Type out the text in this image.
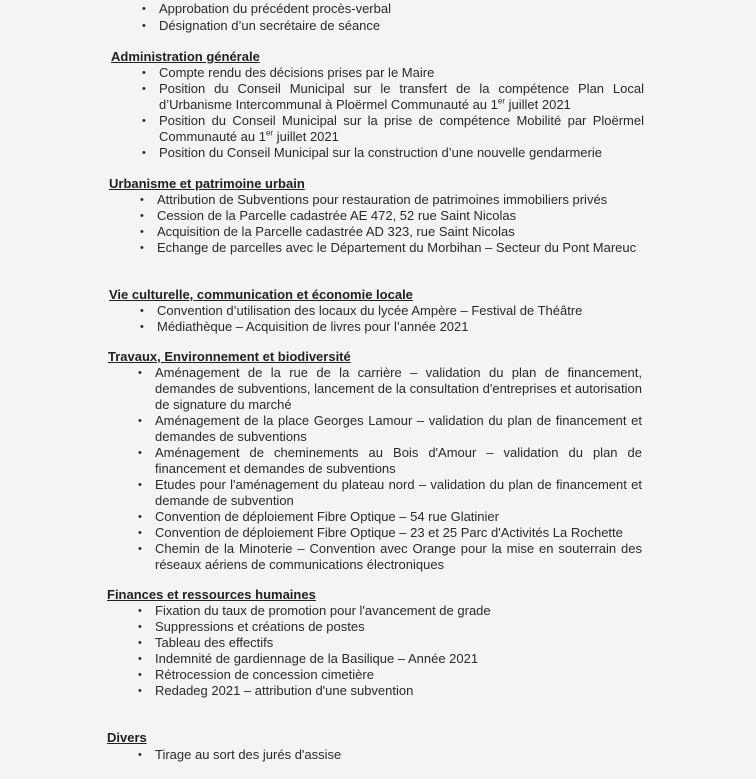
•	Approbation du précédent procès-verbal
•	Désignation d’un secrétaire de séance
Administration générale
•	Compte rendu des décisions prises par le Maire
•	Position du Conseil Municipal sur le transfert de la compétence Plan Local d’Urbanisme Intercommunal à Ploërmel Communauté au 1er juillet 2021
•	Position du Conseil Municipal sur la prise de compétence Mobilité par Ploërmel Communauté au 1er juillet 2021
•	Position du Conseil Municipal sur la construction d’une nouvelle gendarmerie
Urbanisme et patrimoine urbain
•	Attribution de Subventions pour restauration de patrimoines immobiliers privés
•	Cession de la Parcelle cadastrée AE 472, 52 rue Saint Nicolas
•	Acquisition de la Parcelle cadastrée AD 323, rue Saint Nicolas
•	Echange de parcelles avec le Département du Morbihan – Secteur du Pont Mareuc
Vie culturelle, communication et économie locale
•	Convention d’utilisation des locaux du lycée Ampère – Festival de Théâtre
•	Médiathèque – Acquisition de livres pour l’année 2021
Travaux, Environnement et biodiversité
•	Aménagement de la rue de la carrière – validation du plan de financement, demandes de subventions, lancement de la consultation d'entreprises et autorisation de signature du marché
•	Aménagement de la place Georges Lamour – validation du plan de financement et demandes de subventions
•	Aménagement de cheminements au Bois d'Amour – validation du plan de financement et demandes de subventions
•	Etudes pour l'aménagement du plateau nord – validation du plan de financement et demande de subvention
•	Convention de déploiement Fibre Optique – 54 rue Glatinier
•	Convention de déploiement Fibre Optique – 23 et 25 Parc d'Activités La Rochette
•	Chemin de la Minoterie – Convention avec Orange pour la mise en souterrain des réseaux aériens de communications électroniques
Finances et ressources humaines
•	Fixation du taux de promotion pour l'avancement de grade
•	Suppressions et créations de postes
•	Tableau des effectifs
•	Indemnité de gardiennage de la Basilique – Année 2021
•	Rétrocession de concession cimetière
•	Redadeg 2021 – attribution d'une subvention
Divers
•	Tirage au sort des jurés d'assise
